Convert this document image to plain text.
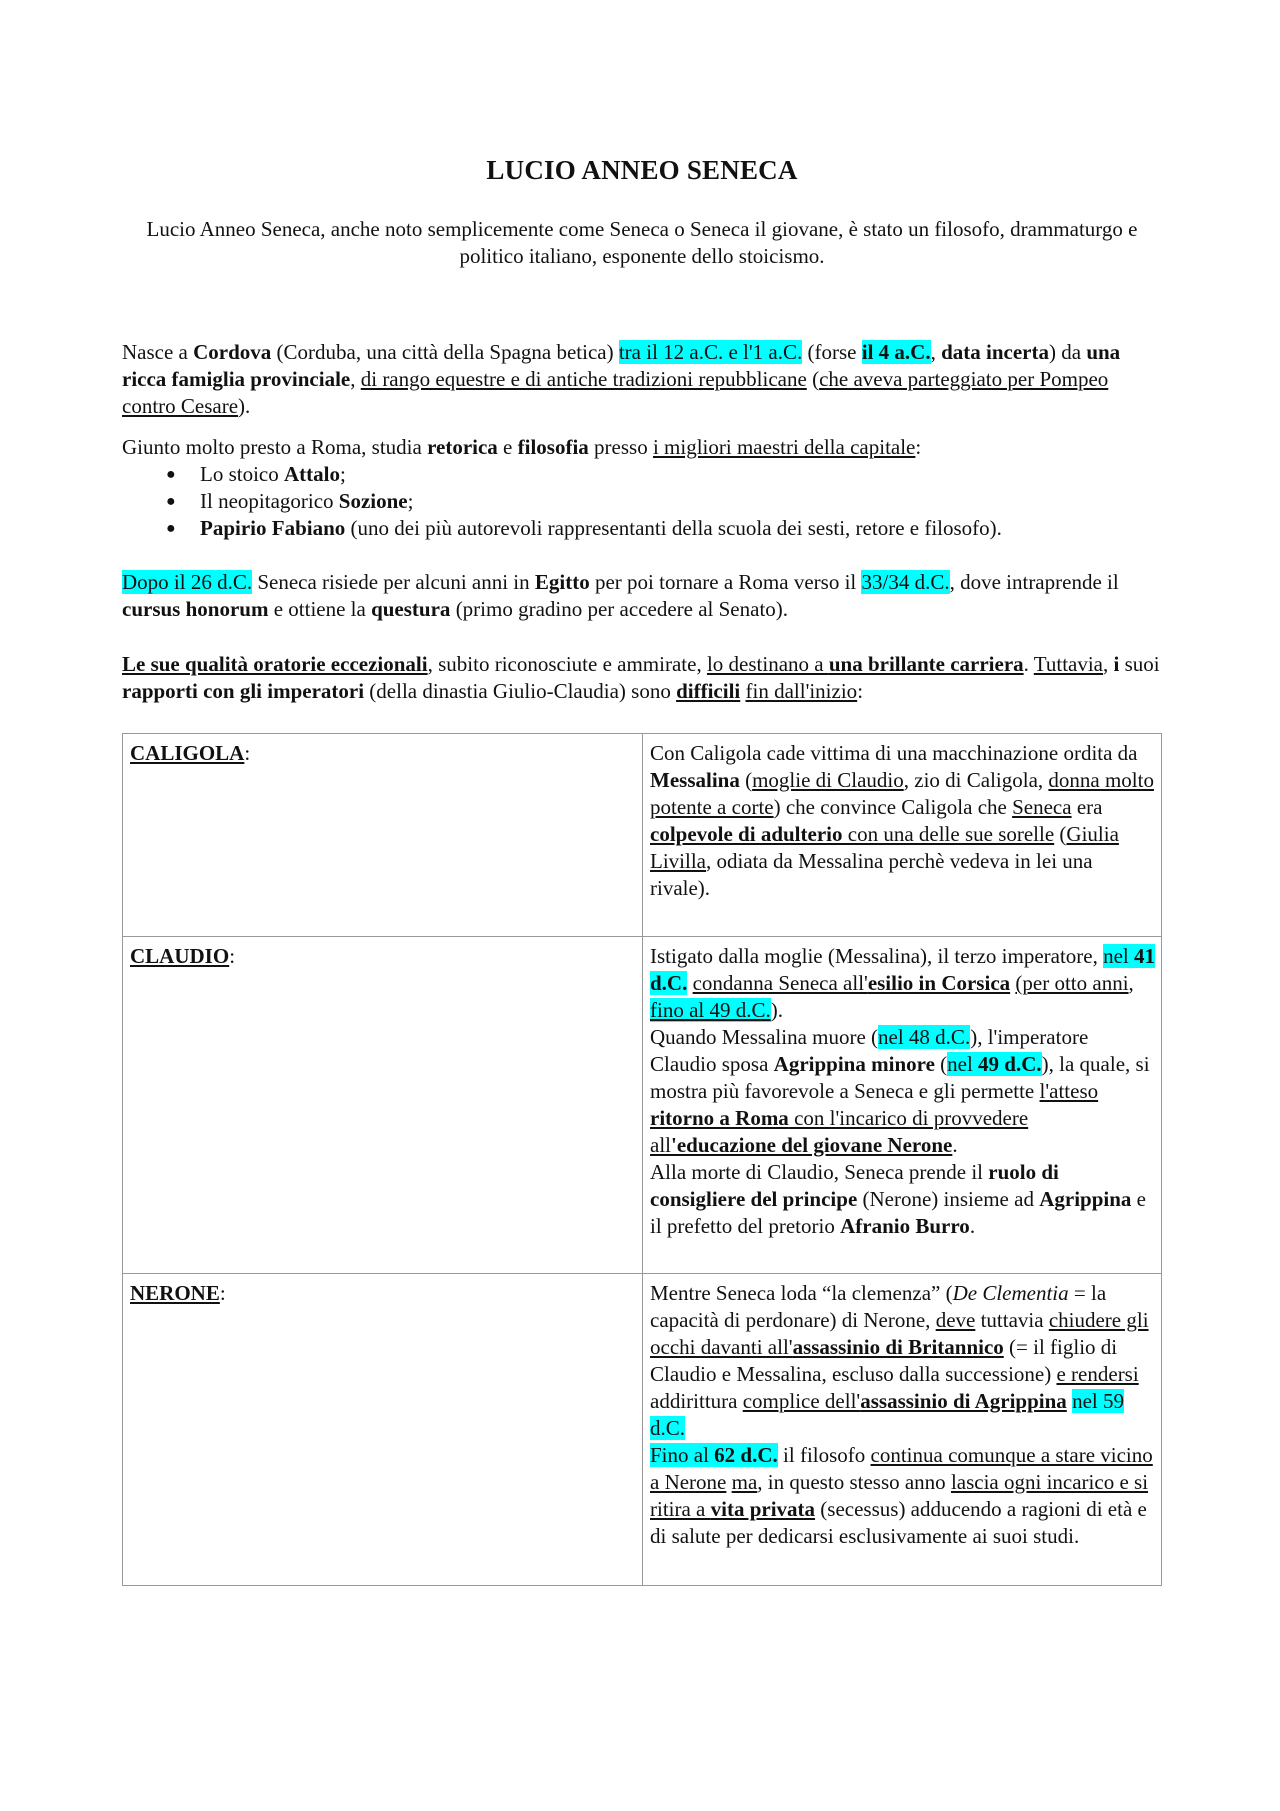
LUCIO ANNEO SENECA

Lucio Anneo Seneca, anche noto semplicemente come Seneca o Seneca il giovane, è stato un filosofo, drammaturgo e politico italiano, esponente dello stoicismo.

Nasce a Cordova (Corduba, una città della Spagna betica) tra il 12 a.C. e l'1 a.C. (forse il 4 a.C., data incerta) da una ricca famiglia provinciale, di rango equestre e di antiche tradizioni repubblicane (che aveva parteggiato per Pompeo contro Cesare).

Giunto molto presto a Roma, studia retorica e filosofia presso i migliori maestri della capitale:

● Lo stoico Attalo;
● Il neopitagorico Sozione;
● Papirio Fabiano (uno dei più autorevoli rappresentanti della scuola dei sesti, retore e filosofo).

Dopo il 26 d.C. Seneca risiede per alcuni anni in Egitto per poi tornare a Roma verso il 33/34 d.C., dove intraprende il cursus honorum e ottiene la questura (primo gradino per accedere al Senato).

Le sue qualità oratorie eccezionali, subito riconosciute e ammirate, lo destinano a una brillante carriera. Tuttavia, i suoi rapporti con gli imperatori (della dinastia Giulio-Claudia) sono difficili fin dall'inizio:

CALIGOLA:	Con Caligola cade vittima di una macchinazione ordita da Messalina (moglie di Claudio, zio di Caligola, donna molto potente a corte) che convince Caligola che Seneca era colpevole di adulterio con una delle sue sorelle (Giulia Livilla, odiata da Messalina perchè vedeva in lei una rivale).
CLAUDIO:	Istigato dalla moglie (Messalina), il terzo imperatore, nel 41 d.C. condanna Seneca all'esilio in Corsica (per otto anni, fino al 49 d.C.).
Quando Messalina muore (nel 48 d.C.), l'imperatore Claudio sposa Agrippina minore (nel 49 d.C.), la quale, si mostra più favorevole a Seneca e gli permette l'atteso ritorno a Roma con l'incarico di provvedere all'educazione del giovane Nerone.
Alla morte di Claudio, Seneca prende il ruolo di consigliere del principe (Nerone) insieme ad Agrippina e il prefetto del pretorio Afranio Burro.
NERONE:	Mentre Seneca loda “la clemenza” (De Clementia = la capacità di perdonare) di Nerone, deve tuttavia chiudere gli occhi davanti all'assassinio di Britannico (= il figlio di Claudio e Messalina, escluso dalla successione) e rendersi addirittura complice dell'assassinio di Agrippina nel 59 d.C.
Fino al 62 d.C. il filosofo continua comunque a stare vicino a Nerone ma, in questo stesso anno lascia ogni incarico e si ritira a vita privata (secessus) adducendo a ragioni di età e di salute per dedicarsi esclusivamente ai suoi studi.
